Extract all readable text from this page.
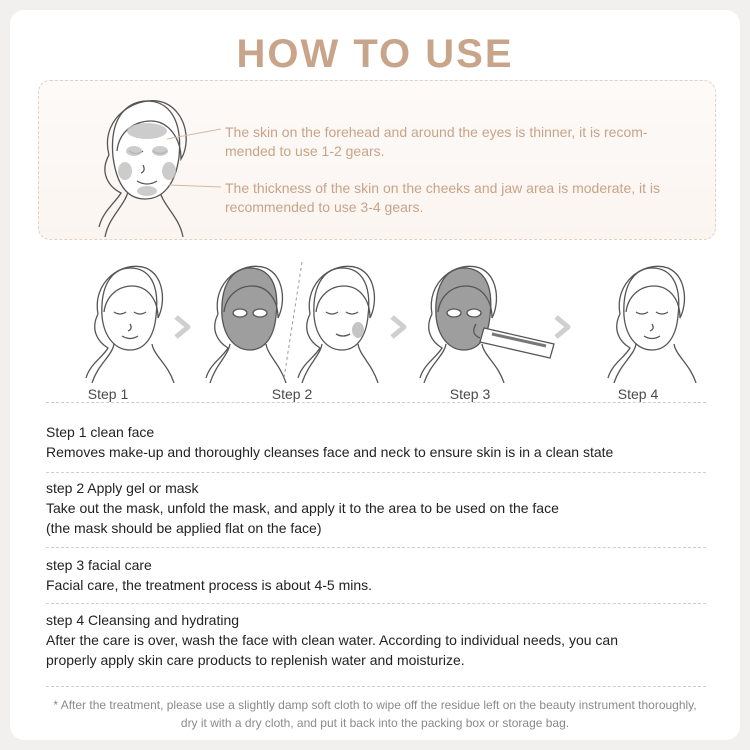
HOW TO USE
The skin on the forehead and around the eyes is thinner, it is recom-mended to use 1-2 gears.
The thickness of the skin on the cheeks and jaw area is moderate, it is recommended to use 3-4 gears.
Step 1	Step 2	Step 3	Step 4
Step 1 clean face
Removes make-up and thoroughly cleanses face and neck to ensure skin is in a clean state
step 2 Apply gel or mask
Take out the mask, unfold the mask, and apply it to the area to be used on the face
(the mask should be applied flat on the face)
step 3 facial care
Facial care, the treatment process is about 4-5 mins.
step 4 Cleansing and hydrating
After the care is over, wash the face with clean water. According to individual needs, you can
properly apply skin care products to replenish water and moisturize.
* After the treatment, please use a slightly damp soft cloth to wipe off the residue left on the beauty instrument thoroughly, dry it with a dry cloth, and put it back into the packing box or storage bag.
